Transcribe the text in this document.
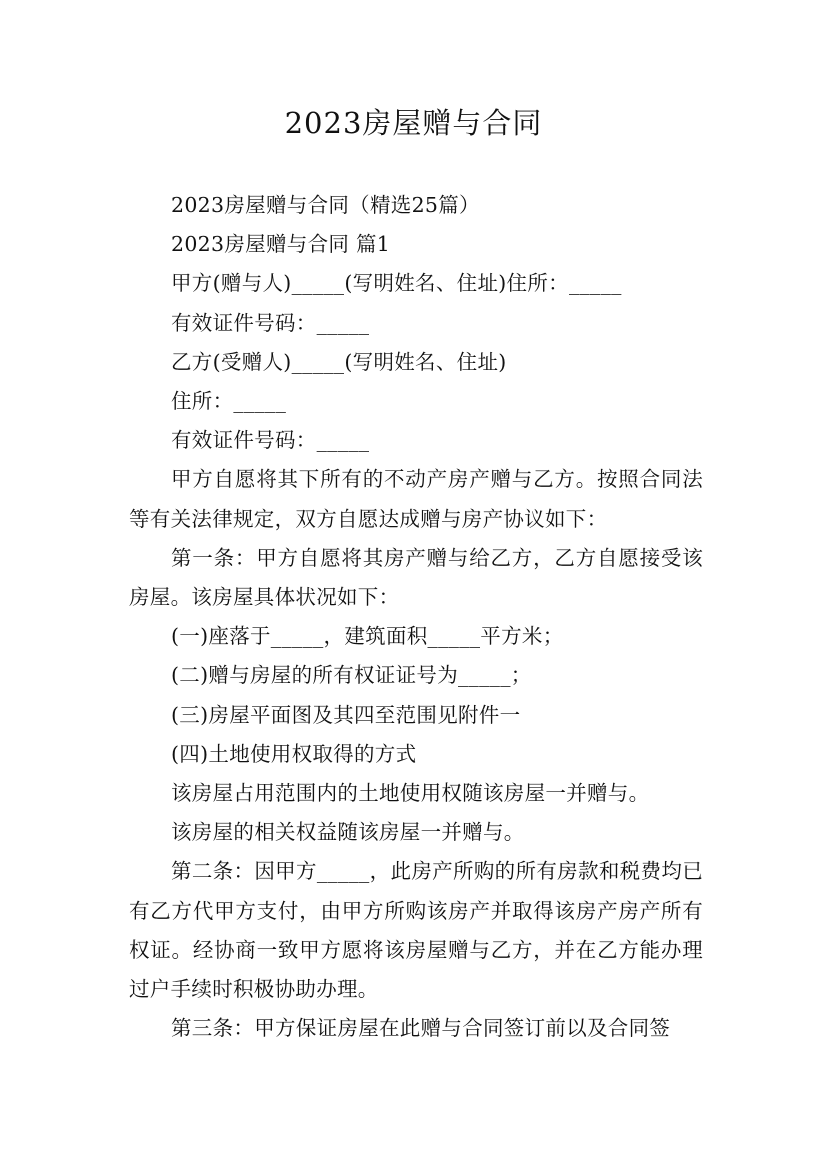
2023房屋赠与合同

2023房屋赠与合同（精选25篇）

2023房屋赠与合同 篇1

甲方(赠与人)_____(写明姓名、住址)住所：_____

有效证件号码：_____

乙方(受赠人)_____(写明姓名、住址)

住所：_____

有效证件号码：_____

甲方自愿将其下所有的不动产房产赠与乙方。按照合同法等有关法律规定，双方自愿达成赠与房产协议如下：

第一条：甲方自愿将其房产赠与给乙方，乙方自愿接受该房屋。该房屋具体状况如下：

(一)座落于_____，建筑面积_____平方米；

(二)赠与房屋的所有权证证号为_____；

(三)房屋平面图及其四至范围见附件一

(四)土地使用权取得的方式

该房屋占用范围内的土地使用权随该房屋一并赠与。

该房屋的相关权益随该房屋一并赠与。

第二条：因甲方_____，此房产所购的所有房款和税费均已有乙方代甲方支付，由甲方所购该房产并取得该房产房产所有权证。经协商一致甲方愿将该房屋赠与乙方，并在乙方能办理过户手续时积极协助办理。

第三条：甲方保证房屋在此赠与合同签订前以及合同签
